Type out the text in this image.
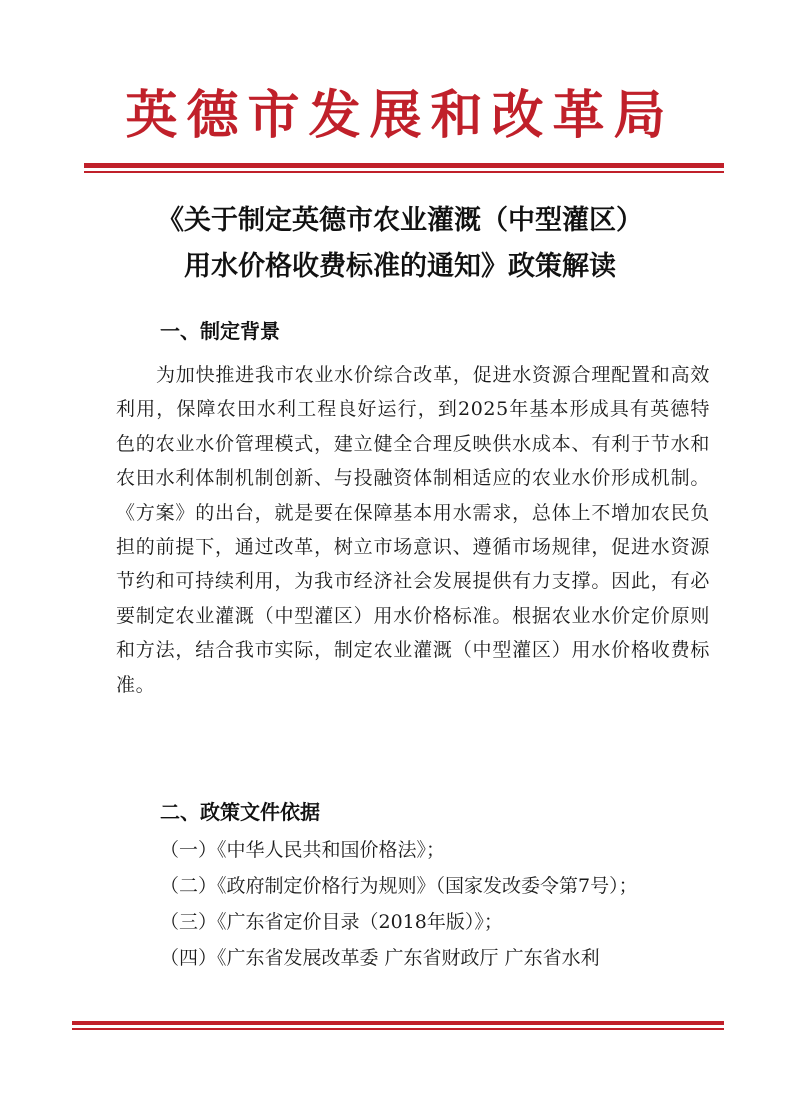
英德市发展和改革局
《关于制定英德市农业灌溉（中型灌区）
用水价格收费标准的通知》政策解读
一、制定背景
为加快推进我市农业水价综合改革，促进水资源合理配置和高效利用，保障农田水利工程良好运行，到2025年基本形成具有英德特色的农业水价管理模式，建立健全合理反映供水成本、有利于节水和农田水利体制机制创新、与投融资体制相适应的农业水价形成机制。《方案》的出台，就是要在保障基本用水需求，总体上不增加农民负担的前提下，通过改革，树立市场意识、遵循市场规律，促进水资源节约和可持续利用，为我市经济社会发展提供有力支撑。因此，有必要制定农业灌溉（中型灌区）用水价格标准。根据农业水价定价原则和方法，结合我市实际，制定农业灌溉（中型灌区）用水价格收费标准。
二、政策文件依据
（一）《中华人民共和国价格法》；
（二）《政府制定价格行为规则》（国家发改委令第7号）；
（三）《广东省定价目录（2018年版）》；
（四）《广东省发展改革委 广东省财政厅 广东省水利
